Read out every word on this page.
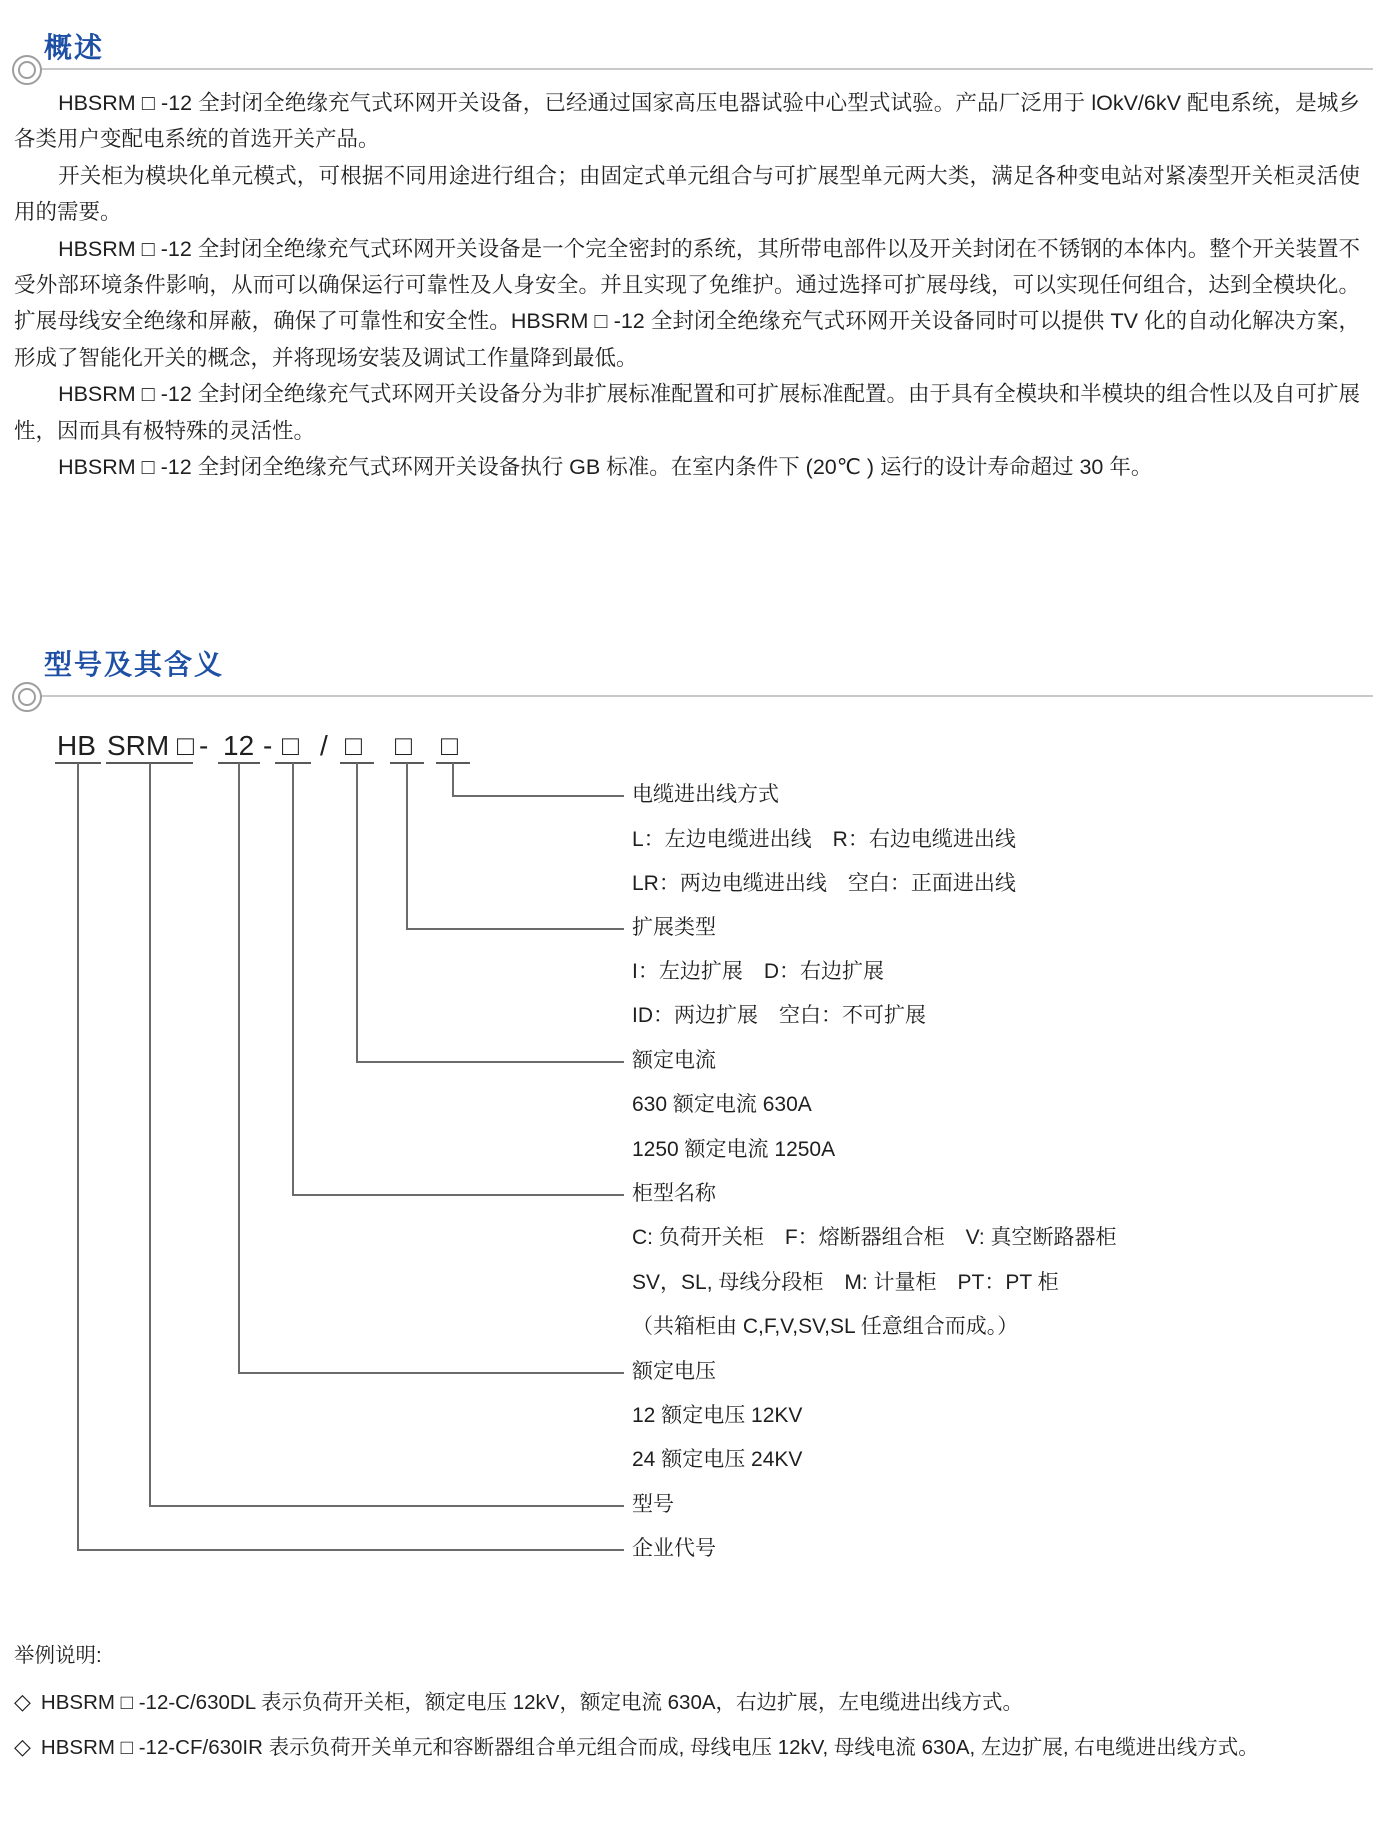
概述

HBSRM □ -12 全封闭全绝缘充气式环网开关设备，已经通过国家高压电器试验中心型式试验。产品厂泛用于 lOkV/6kV 配电系统，是城乡各类用户变配电系统的首选开关产品。

开关柜为模块化单元模式，可根据不同用途进行组合；由固定式单元组合与可扩展型单元两大类，满足各种变电站对紧凑型开关柜灵活使用的需要。

HBSRM □ -12 全封闭全绝缘充气式环网开关设备是一个完全密封的系统，其所带电部件以及开关封闭在不锈钢的本体内。整个开关装置不受外部环境条件影响，从而可以确保运行可靠性及人身安全。并且实现了免维护。通过选择可扩展母线，可以实现任何组合，达到全模块化。扩展母线安全绝缘和屏蔽，确保了可靠性和安全性。HBSRM □ -12 全封闭全绝缘充气式环网开关设备同时可以提供 TV 化的自动化解决方案，形成了智能化开关的概念，并将现场安装及调试工作量降到最低。

HBSRM □ -12 全封闭全绝缘充气式环网开关设备分为非扩展标准配置和可扩展标准配置。由于具有全模块和半模块的组合性以及自可扩展性，因而具有极特殊的灵活性。

HBSRM □ -12 全封闭全绝缘充气式环网开关设备执行 GB 标准。在室内条件下 (20℃ ) 运行的设计寿命超过 30 年。

型号及其含义
HB SRM □ - 12 - □ / □ □ □
电缆进出线方式
L：左边电缆进出线　R：右边电缆进出线
LR：两边电缆进出线　空白：正面进出线
扩展类型
I：左边扩展　D：右边扩展
ID：两边扩展　空白：不可扩展
额定电流
630 额定电流 630A
1250 额定电流 1250A
柜型名称
C: 负荷开关柜　F：熔断器组合柜　V: 真空断路器柜
SV，SL, 母线分段柜　M: 计量柜　PT：PT 柜
（共箱柜由 C,F,V,SV,SL 任意组合而成。）
额定电压
12 额定电压 12KV
24 额定电压 24KV
型号
企业代号
举例说明:
◇ HBSRM □ -12-C/630DL 表示负荷开关柜，额定电压 12kV，额定电流 630A，右边扩展，左电缆进出线方式。
◇ HBSRM □ -12-CF/630IR 表示负荷开关单元和容断器组合单元组合而成, 母线电压 12kV, 母线电流 630A, 左边扩展, 右电缆进出线方式。
